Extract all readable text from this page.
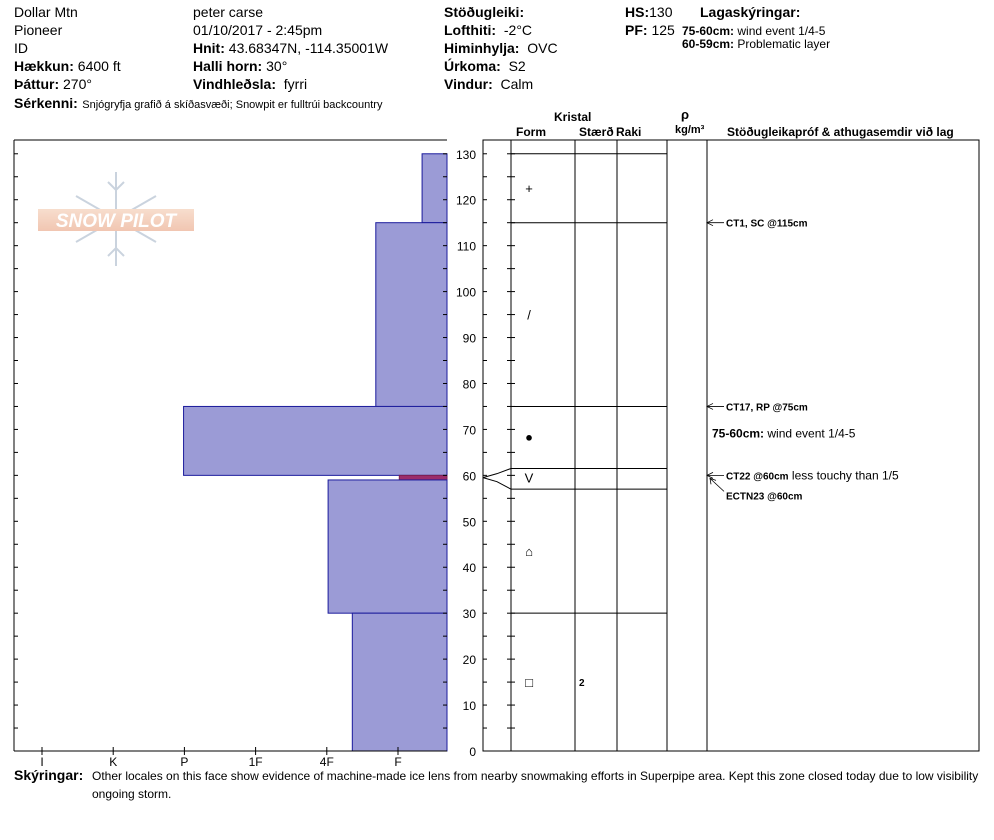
Dollar Mtn
Pioneer
ID
Hækkun: 6400 ft
Þáttur: 270°
Sérkenni: Snjógryfja grafið á skíðasvæði; Snowpit er fulltrúi backcountry
peter carse
01/10/2017 - 2:45pm
Hnit: 43.68347N, -114.35001W
Halli horn: 30°
Vindhleðsla: fyrri
Stöðugleiki:
Lofthiti: -2°C
Himinhylja: OVC
Úrkoma: S2
Vindur: Calm
HS:130
PF: 125
Lagaskýringar:
75-60cm: wind event 1/4-5
60-59cm: Problematic layer
Kristal
Form	Stærð Raki
ρ
kg/m³ Stöðugleikapróf & athugasemdir við lag
SNOW PILOT
0
10
20
30
40
50
60
70
80
90
100
110
120
130
I	K	P	1F	4F	F
+
/
●
V
⌂
□	2
CT1, SC @115cm
CT17, RP @75cm
75-60cm: wind event 1/4-5
CT22 @60cm less touchy than 1/5
ECTN23 @60cm
Skýringar: Other locales on this face show evidence of machine-made ice lens from nearby snowmaking efforts in Superpipe area. Kept this zone closed today due to low visibility
ongoing storm.
